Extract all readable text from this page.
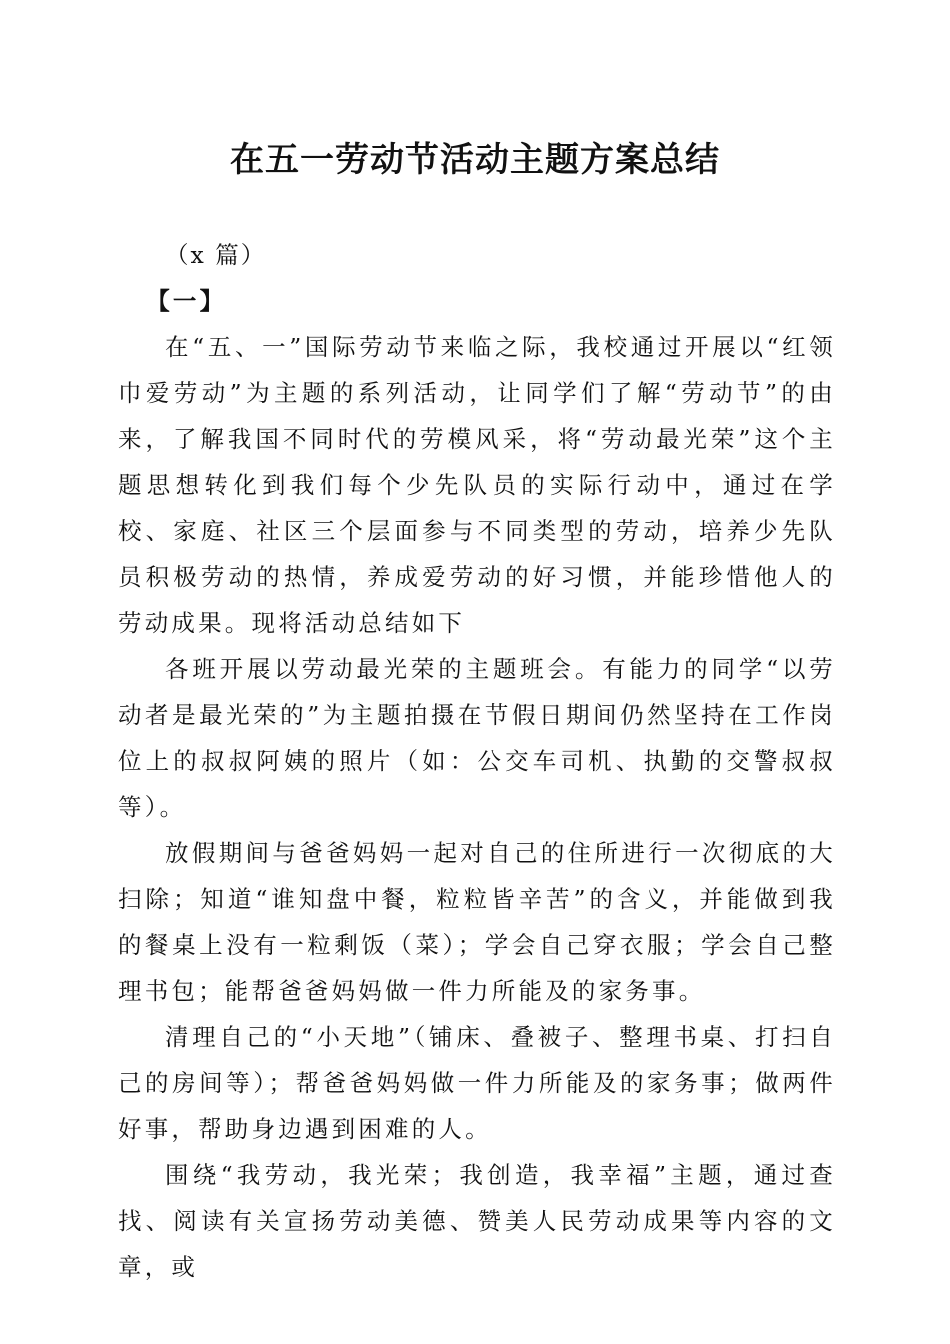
在五一劳动节活动主题方案总结

（x 篇）

【一】

在“五、一”国际劳动节来临之际，我校通过开展以“红领巾爱劳动”为主题的系列活动，让同学们了解“劳动节”的由来，了解我国不同时代的劳模风采，将“劳动最光荣”这个主题思想转化到我们每个少先队员的实际行动中，通过在学校、家庭、社区三个层面参与不同类型的劳动，培养少先队员积极劳动的热情，养成爱劳动的好习惯，并能珍惜他人的劳动成果。现将活动总结如下

各班开展以劳动最光荣的主题班会。有能力的同学“以劳动者是最光荣的”为主题拍摄在节假日期间仍然坚持在工作岗位上的叔叔阿姨的照片（如：公交车司机、执勤的交警叔叔等）。

放假期间与爸爸妈妈一起对自己的住所进行一次彻底的大扫除；知道“谁知盘中餐，粒粒皆辛苦”的含义，并能做到我的餐桌上没有一粒剩饭（菜）；学会自己穿衣服；学会自己整理书包；能帮爸爸妈妈做一件力所能及的家务事。

清理自己的“小天地”（铺床、叠被子、整理书桌、打扫自己的房间等）；帮爸爸妈妈做一件力所能及的家务事；做两件好事，帮助身边遇到困难的人。

围绕“我劳动，我光荣；我创造，我幸福”主题，通过查找、阅读有关宣扬劳动美德、赞美人民劳动成果等内容的文章，或
